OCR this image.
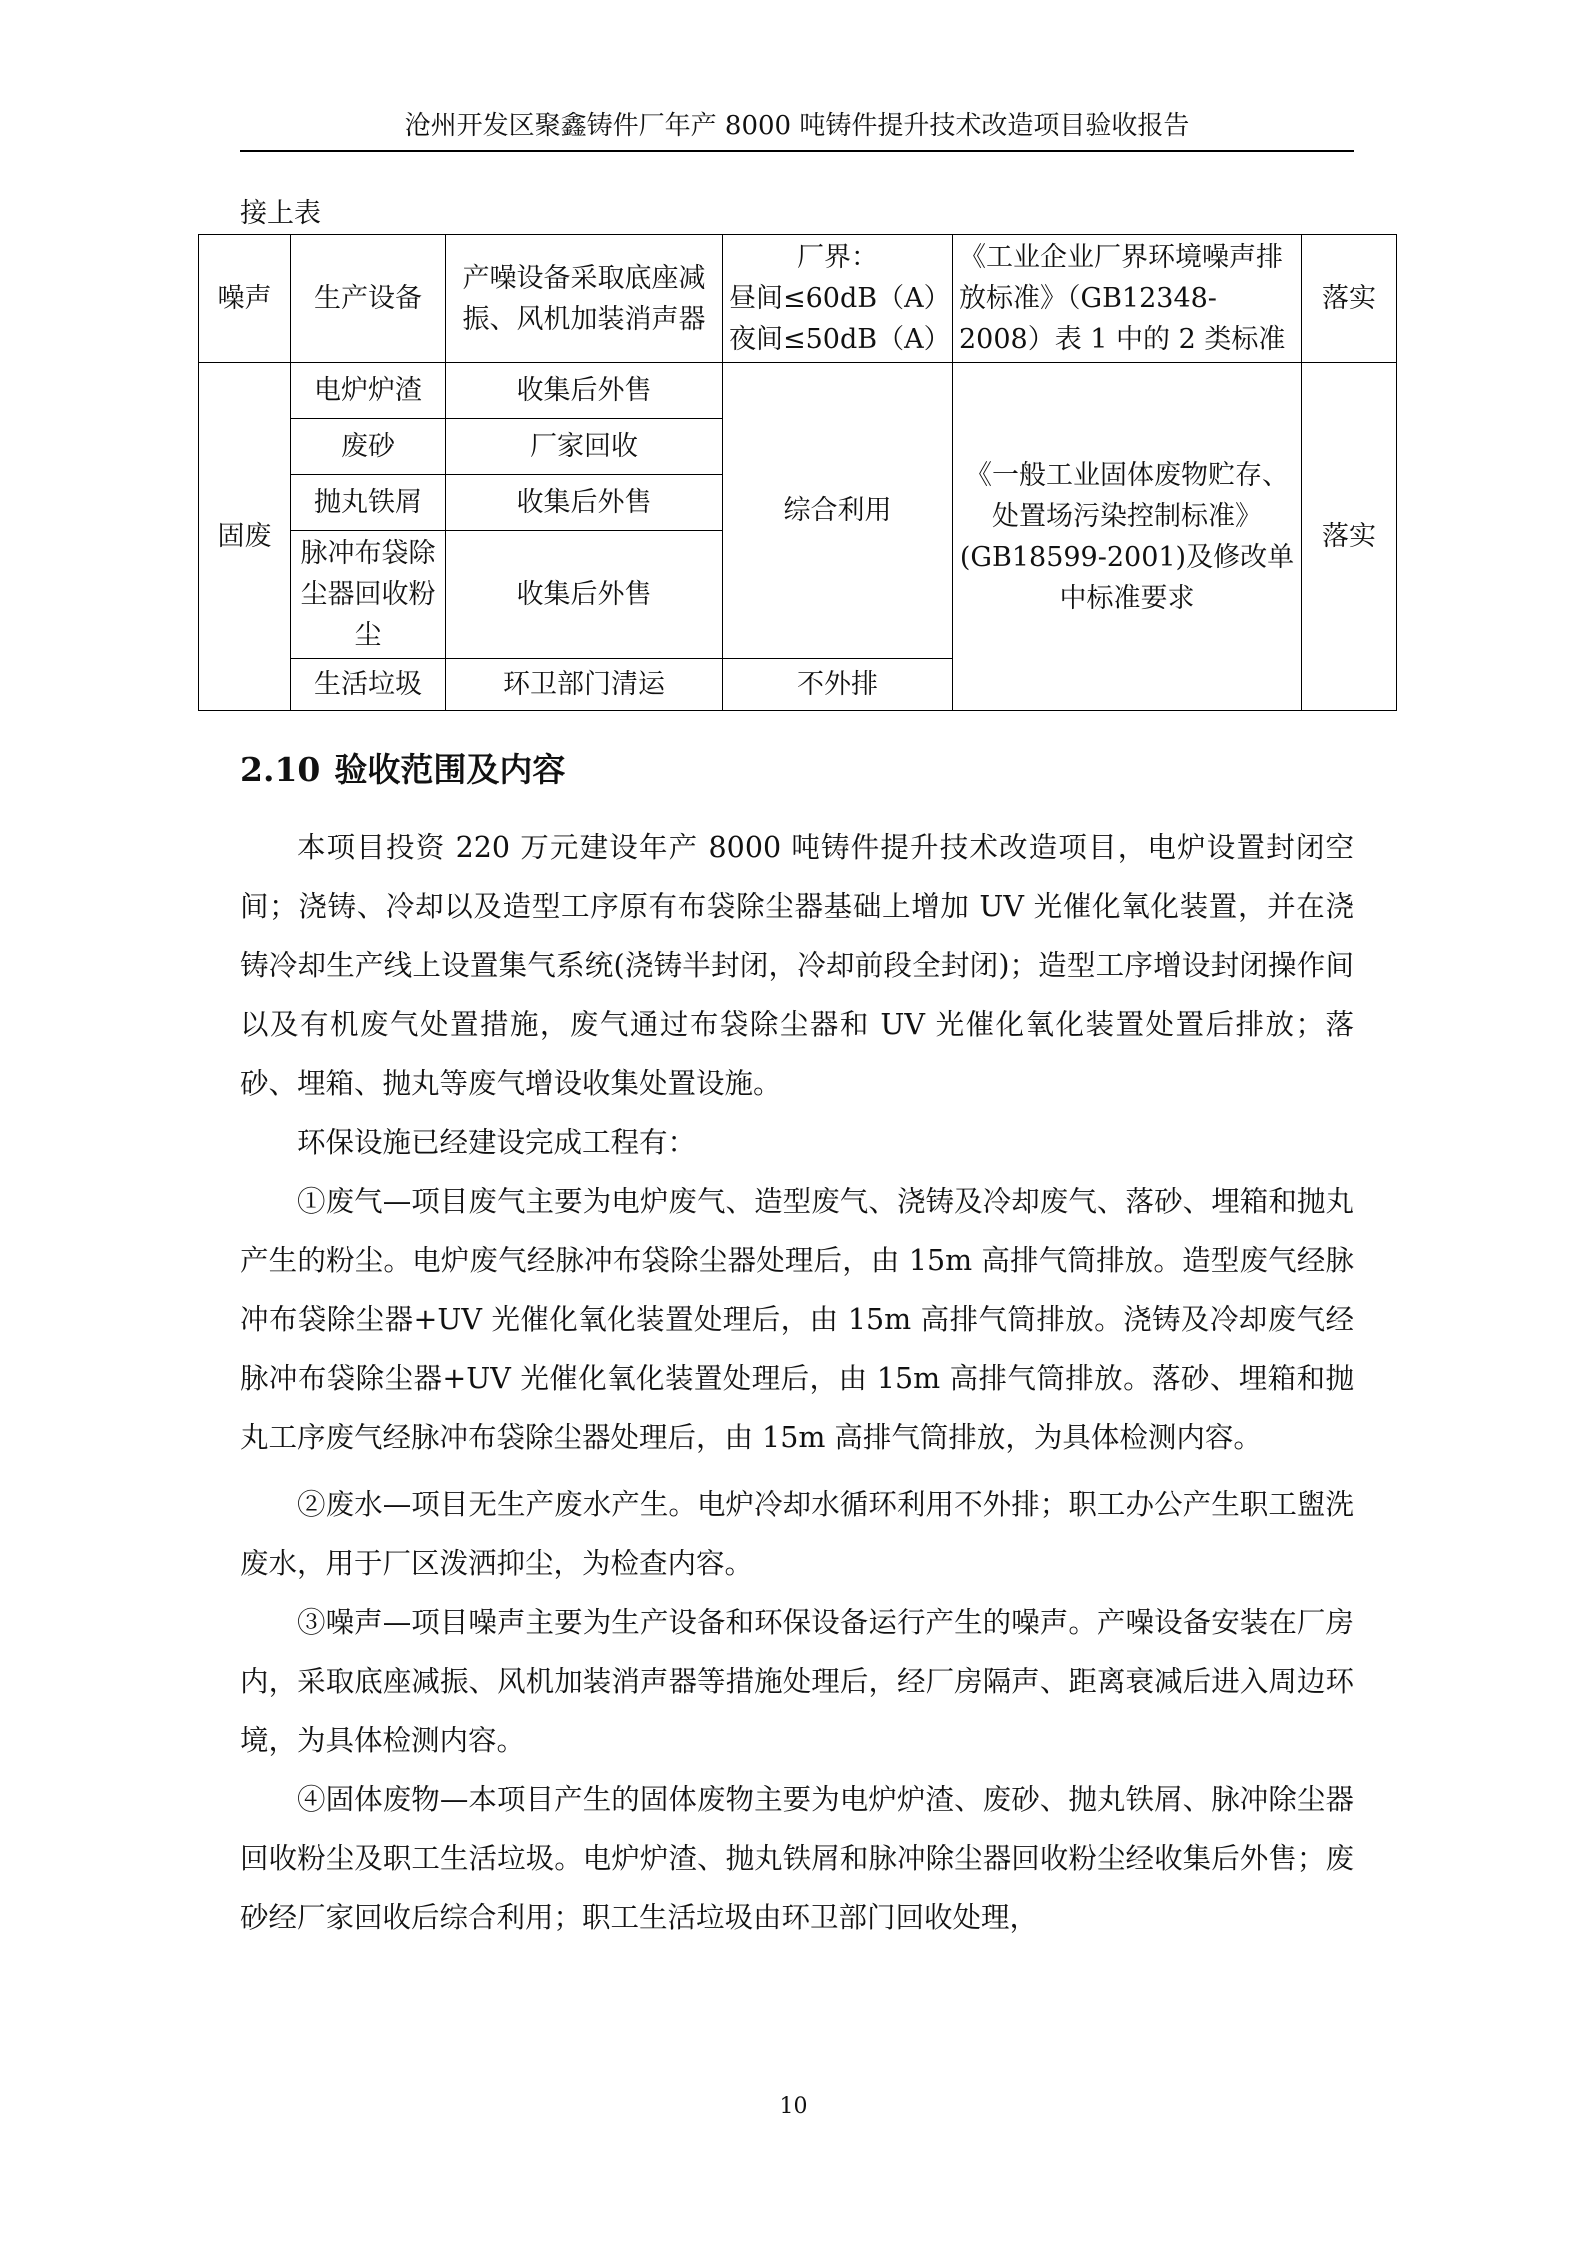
沧州开发区聚鑫铸件厂年产 8000 吨铸件提升技术改造项目验收报告
接上表
噪声	生产设备	产噪设备采取底座减振、风机加装消声器	厂界：
昼间≤60dB（A）
夜间≤50dB（A）	《工业企业厂界环境噪声排放标准》（GB12348-2008）表 1 中的 2 类标准	落实
固废	电炉炉渣	收集后外售	综合利用	《一般工业固体废物贮存、处置场污染控制标准》(GB18599-2001)及修改单中标准要求	落实
	废砂	厂家回收			
	抛丸铁屑	收集后外售			
	脉冲布袋除尘器回收粉尘	收集后外售			
	生活垃圾	环卫部门清运	不外排		
2.10 验收范围及内容

本项目投资 220 万元建设年产 8000 吨铸件提升技术改造项目，电炉设置封闭空间；浇铸、冷却以及造型工序原有布袋除尘器基础上增加 UV 光催化氧化装置，并在浇铸冷却生产线上设置集气系统(浇铸半封闭，冷却前段全封闭)；造型工序增设封闭操作间以及有机废气处置措施，废气通过布袋除尘器和 UV 光催化氧化装置处置后排放；落砂、埋箱、抛丸等废气增设收集处置设施。

环保设施已经建设完成工程有：

①废气—项目废气主要为电炉废气、造型废气、浇铸及冷却废气、落砂、埋箱和抛丸产生的粉尘。电炉废气经脉冲布袋除尘器处理后，由 15m 高排气筒排放。造型废气经脉冲布袋除尘器+UV 光催化氧化装置处理后，由 15m 高排气筒排放。浇铸及冷却废气经脉冲布袋除尘器+UV 光催化氧化装置处理后，由 15m 高排气筒排放。落砂、埋箱和抛丸工序废气经脉冲布袋除尘器处理后，由 15m 高排气筒排放，为具体检测内容。

②废水—项目无生产废水产生。电炉冷却水循环利用不外排；职工办公产生职工盥洗废水，用于厂区泼洒抑尘，为检查内容。

③噪声—项目噪声主要为生产设备和环保设备运行产生的噪声。产噪设备安装在厂房内，采取底座减振、风机加装消声器等措施处理后，经厂房隔声、距离衰减后进入周边环境，为具体检测内容。

④固体废物—本项目产生的固体废物主要为电炉炉渣、废砂、抛丸铁屑、脉冲除尘器回收粉尘及职工生活垃圾。电炉炉渣、抛丸铁屑和脉冲除尘器回收粉尘经收集后外售；废砂经厂家回收后综合利用；职工生活垃圾由环卫部门回收处理，

10
